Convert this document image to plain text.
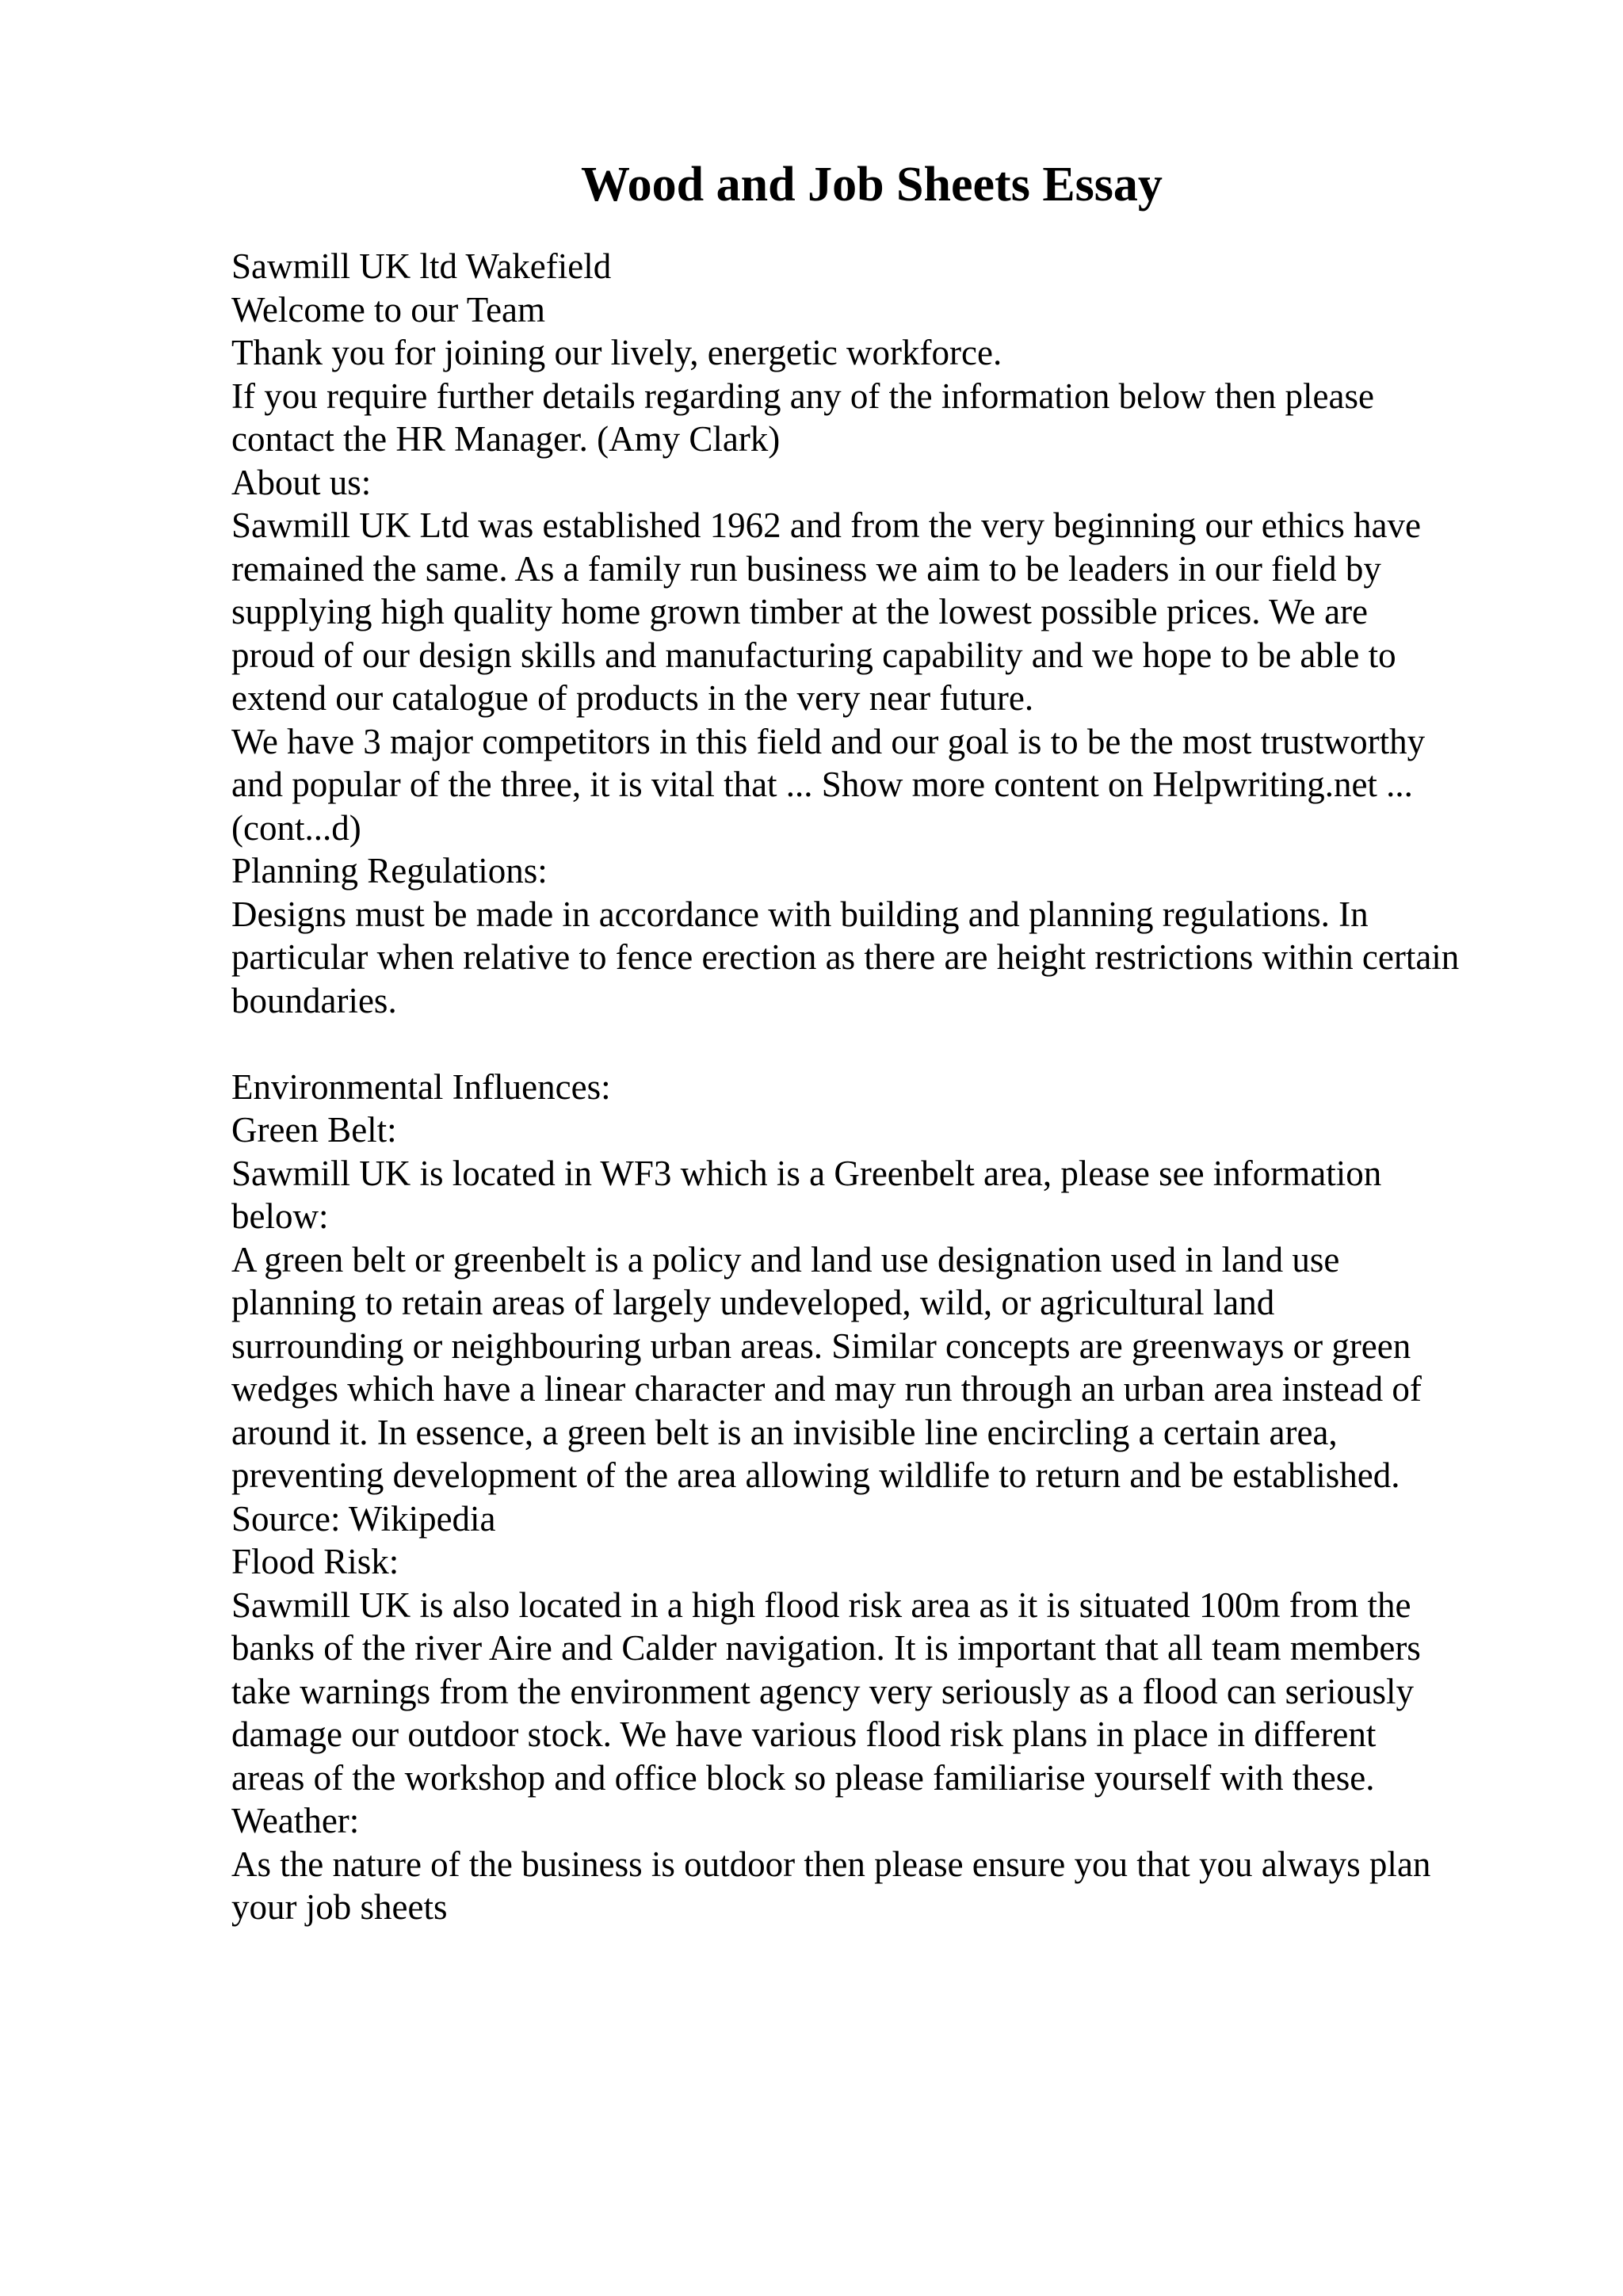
Wood and Job Sheets Essay
Sawmill UK ltd Wakefield
Welcome to our Team
Thank you for joining our lively, energetic workforce.
If you require further details regarding any of the information below then please
contact the HR Manager. (Amy Clark)
About us:
Sawmill UK Ltd was established 1962 and from the very beginning our ethics have
remained the same. As a family run business we aim to be leaders in our field by
supplying high quality home grown timber at the lowest possible prices. We are
proud of our design skills and manufacturing capability and we hope to be able to
extend our catalogue of products in the very near future.
We have 3 major competitors in this field and our goal is to be the most trustworthy
and popular of the three, it is vital that ... Show more content on Helpwriting.net ...
(cont...d)
Planning Regulations:
Designs must be made in accordance with building and planning regulations. In
particular when relative to fence erection as there are height restrictions within certain
boundaries.
Environmental Influences:
Green Belt:
Sawmill UK is located in WF3 which is a Greenbelt area, please see information
below:
A green belt or greenbelt is a policy and land use designation used in land use
planning to retain areas of largely undeveloped, wild, or agricultural land
surrounding or neighbouring urban areas. Similar concepts are greenways or green
wedges which have a linear character and may run through an urban area instead of
around it. In essence, a green belt is an invisible line encircling a certain area,
preventing development of the area allowing wildlife to return and be established.
Source: Wikipedia
Flood Risk:
Sawmill UK is also located in a high flood risk area as it is situated 100m from the
banks of the river Aire and Calder navigation. It is important that all team members
take warnings from the environment agency very seriously as a flood can seriously
damage our outdoor stock. We have various flood risk plans in place in different
areas of the workshop and office block so please familiarise yourself with these.
Weather:
As the nature of the business is outdoor then please ensure you that you always plan
your job sheets
